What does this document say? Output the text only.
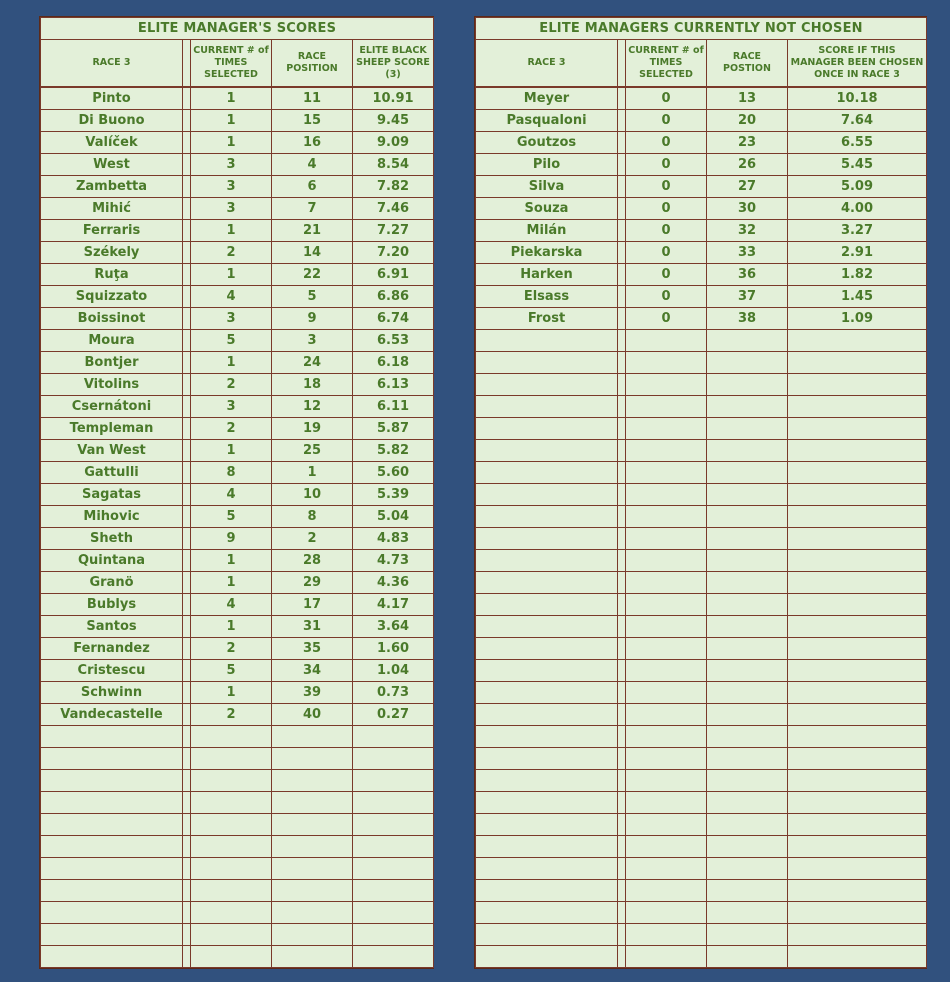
ELITE MANAGER'S SCORES				
RACE 3		CURRENT # of TIMES SELECTED	RACE POSITION	ELITE BLACK SHEEP SCORE (3)
Pinto		1	11	10.91
Di Buono		1	15	9.45
Valíček		1	16	9.09
West		3	4	8.54
Zambetta		3	6	7.82
Mihić		3	7	7.46
Ferraris		1	21	7.27
Székely		2	14	7.20
Ruţa		1	22	6.91
Squizzato		4	5	6.86
Boissinot		3	9	6.74
Moura		5	3	6.53
Bontjer		1	24	6.18
Vitolins		2	18	6.13
Csernátoni		3	12	6.11
Templeman		2	19	5.87
Van West		1	25	5.82
Gattulli		8	1	5.60
Sagatas		4	10	5.39
Mihovic		5	8	5.04
Sheth		9	2	4.83
Quintana		1	28	4.73
Granö		1	29	4.36
Bublys		4	17	4.17
Santos		1	31	3.64
Fernandez		2	35	1.60
Cristescu		5	34	1.04
Schwinn		1	39	0.73
Vandecastelle		2	40	0.27

ELITE MANAGERS CURRENTLY NOT CHOSEN				
RACE 3		CURRENT # of TIMES SELECTED	RACE POSTION	SCORE IF THIS MANAGER BEEN CHOSEN ONCE IN RACE 3
Meyer		0	13	10.18
Pasqualoni		0	20	7.64
Goutzos		0	23	6.55
Pilo		0	26	5.45
Silva		0	27	5.09
Souza		0	30	4.00
Milán		0	32	3.27
Piekarska		0	33	2.91
Harken		0	36	1.82
Elsass		0	37	1.45
Frost		0	38	1.09
